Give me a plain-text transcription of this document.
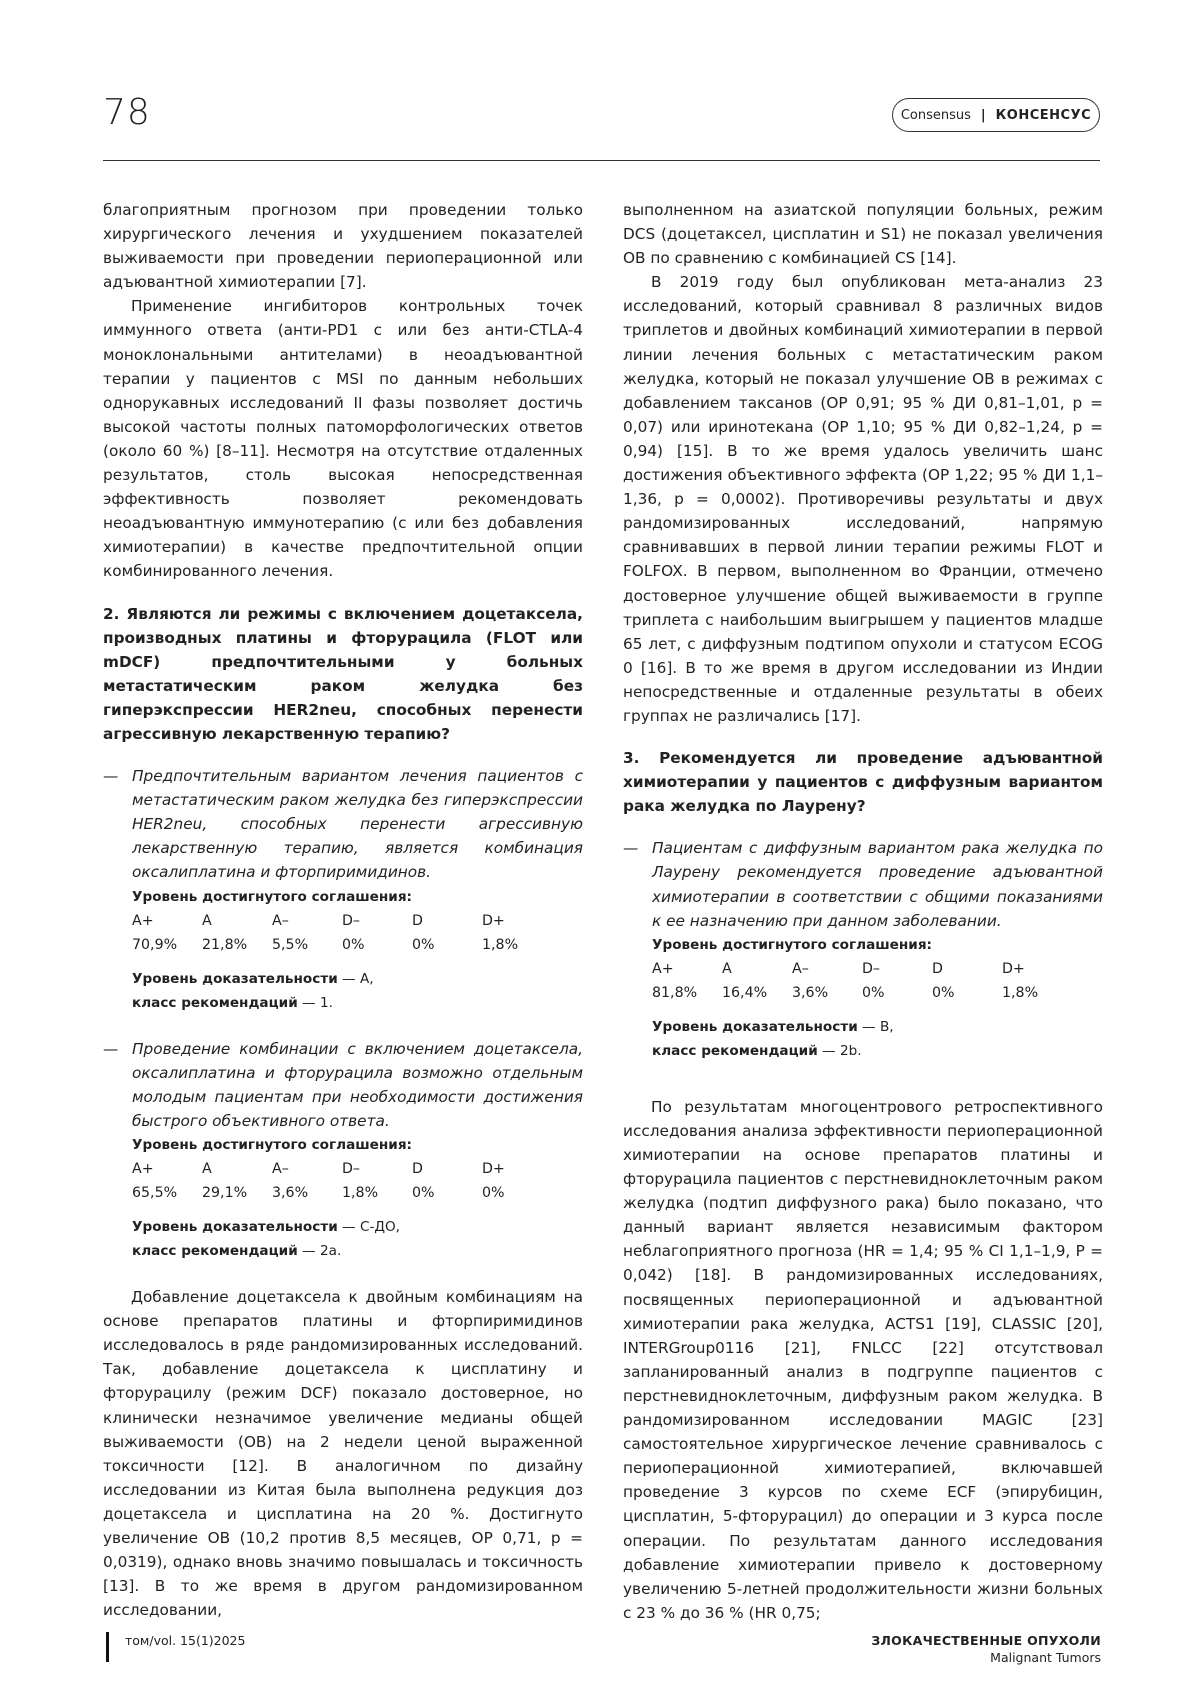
78	Consensus | КОНСЕНСУС

благоприятным прогнозом при проведении только хирургического лечения и ухудшением показателей выживаемости при проведении периоперационной или адъювантной химиотерапии [7].

Применение ингибиторов контрольных точек иммунного ответа (анти-PD1 с или без анти-CTLA-4 моноклональными антителами) в неоадъювантной терапии у пациентов с MSI по данным небольших однорукавных исследований II фазы позволяет достичь высокой частоты полных патоморфологических ответов (около 60 %) [8–11]. Несмотря на отсутствие отдаленных результатов, столь высокая непосредственная эффективность позволяет рекомендовать неоадъювантную иммунотерапию (с или без добавления химиотерапии) в качестве предпочтительной опции комбинированного лечения.

2. Являются ли режимы с включением доцетаксела, производных платины и фторурацила (FLOT или mDCF) предпочтительными у больных метастатическим раком желудка без гиперэкспрессии HER2neu, способных перенести агрессивную лекарственную терапию?

— Предпочтительным вариантом лечения пациентов с метастатическим раком желудка без гиперэкспрессии HER2neu, способных перенести агрессивную лекарственную терапию, является комбинация оксалиплатина и фторпиримидинов.

Уровень достигнутого соглашения:

A+	A	A–	D–	D	D+
70,9%	21,8%	5,5%	0%	0%	1,8%
Уровень доказательности — A,
класс рекомендаций — 1.
— Проведение комбинации с включением доцетаксела, оксалиплатина и фторурацила возможно отдельным молодым пациентам при необходимости достижения быстрого объективного ответа.

Уровень достигнутого соглашения:

A+	A	A–	D–	D	D+
65,5%	29,1%	3,6%	1,8%	0%	0%
Уровень доказательности — С-ДО,
класс рекомендаций — 2а.

Добавление доцетаксела к двойным комбинациям на основе препаратов платины и фторпиримидинов исследовалось в ряде рандомизированных исследований. Так, добавление доцетаксела к цисплатину и фторурацилу (режим DCF) показало достоверное, но клинически незначимое увеличение медианы общей выживаемости (ОВ) на 2 недели ценой выраженной токсичности [12]. В аналогичном по дизайну исследовании из Китая была выполнена редукция доз доцетаксела и цисплатина на 20 %. Достигнуто увеличение ОВ (10,2 против 8,5 месяцев, ОР 0,71, p = 0,0319), однако вновь значимо повышалась и токсичность [13]. В то же время в другом рандомизированном исследовании,

выполненном на азиатской популяции больных, режим DCS (доцетаксел, цисплатин и S1) не показал увеличения ОВ по сравнению с комбинацией CS [14].

В 2019 году был опубликован мета-анализ 23 исследований, который сравнивал 8 различных видов триплетов и двойных комбинаций химиотерапии в первой линии лечения больных с метастатическим раком желудка, который не показал улучшение ОВ в режимах с добавлением таксанов (ОР 0,91; 95 % ДИ 0,81–1,01, p = 0,07) или иринотекана (ОР 1,10; 95 % ДИ 0,82–1,24, p = 0,94) [15]. В то же время удалось увеличить шанс достижения объективного эффекта (ОР 1,22; 95 % ДИ 1,1–1,36, p = 0,0002). Противоречивы результаты и двух рандомизированных исследований, напрямую сравнивавших в первой линии терапии режимы FLOT и FOLFOX. В первом, выполненном во Франции, отмечено достоверное улучшение общей выживаемости в группе триплета с наибольшим выигрышем у пациентов младше 65 лет, с диффузным подтипом опухоли и статусом ECOG 0 [16]. В то же время в другом исследовании из Индии непосредственные и отдаленные результаты в обеих группах не различались [17].

3. Рекомендуется ли проведение адъювантной химиотерапии у пациентов с диффузным вариантом рака желудка по Лаурену?

— Пациентам с диффузным вариантом рака желудка по Лаурену рекомендуется проведение адъювантной химиотерапии в соответствии с общими показаниями к ее назначению при данном заболевании.

Уровень достигнутого соглашения:

A+	A	A–	D–	D	D+
81,8%	16,4%	3,6%	0%	0%	1,8%
Уровень доказательности — B,
класс рекомендаций — 2b.

По результатам многоцентрового ретроспективного исследования анализа эффективности периоперационной химиотерапии на основе препаратов платины и фторурацила пациентов с перстневидноклеточным раком желудка (подтип диффузного рака) было показано, что данный вариант является независимым фактором неблагоприятного прогноза (HR = 1,4; 95 % CI 1,1–1,9, P = 0,042) [18]. В рандомизированных исследованиях, посвященных периоперационной и адъювантной химиотерапии рака желудка, ACTS1 [19], CLASSIC [20], INTERGroup0116 [21], FNLCC [22] отсутствовал запланированный анализ в подгруппе пациентов с перстневидноклеточным, диффузным раком желудка. В рандомизированном исследовании MAGIC [23] самостоятельное хирургическое лечение сравнивалось с периоперационной химиотерапией, включавшей проведение 3 курсов по схеме ECF (эпирубицин, цисплатин, 5-фторурацил) до операции и 3 курса после операции. По результатам данного исследования добавление химиотерапии привело к достоверному увеличению 5-летней продолжительности жизни больных с 23 % до 36 % (HR 0,75;

том/vol. 15(1)2025	ЗЛОКАЧЕСТВЕННЫЕ ОПУХОЛИ
Malignant Tumors
